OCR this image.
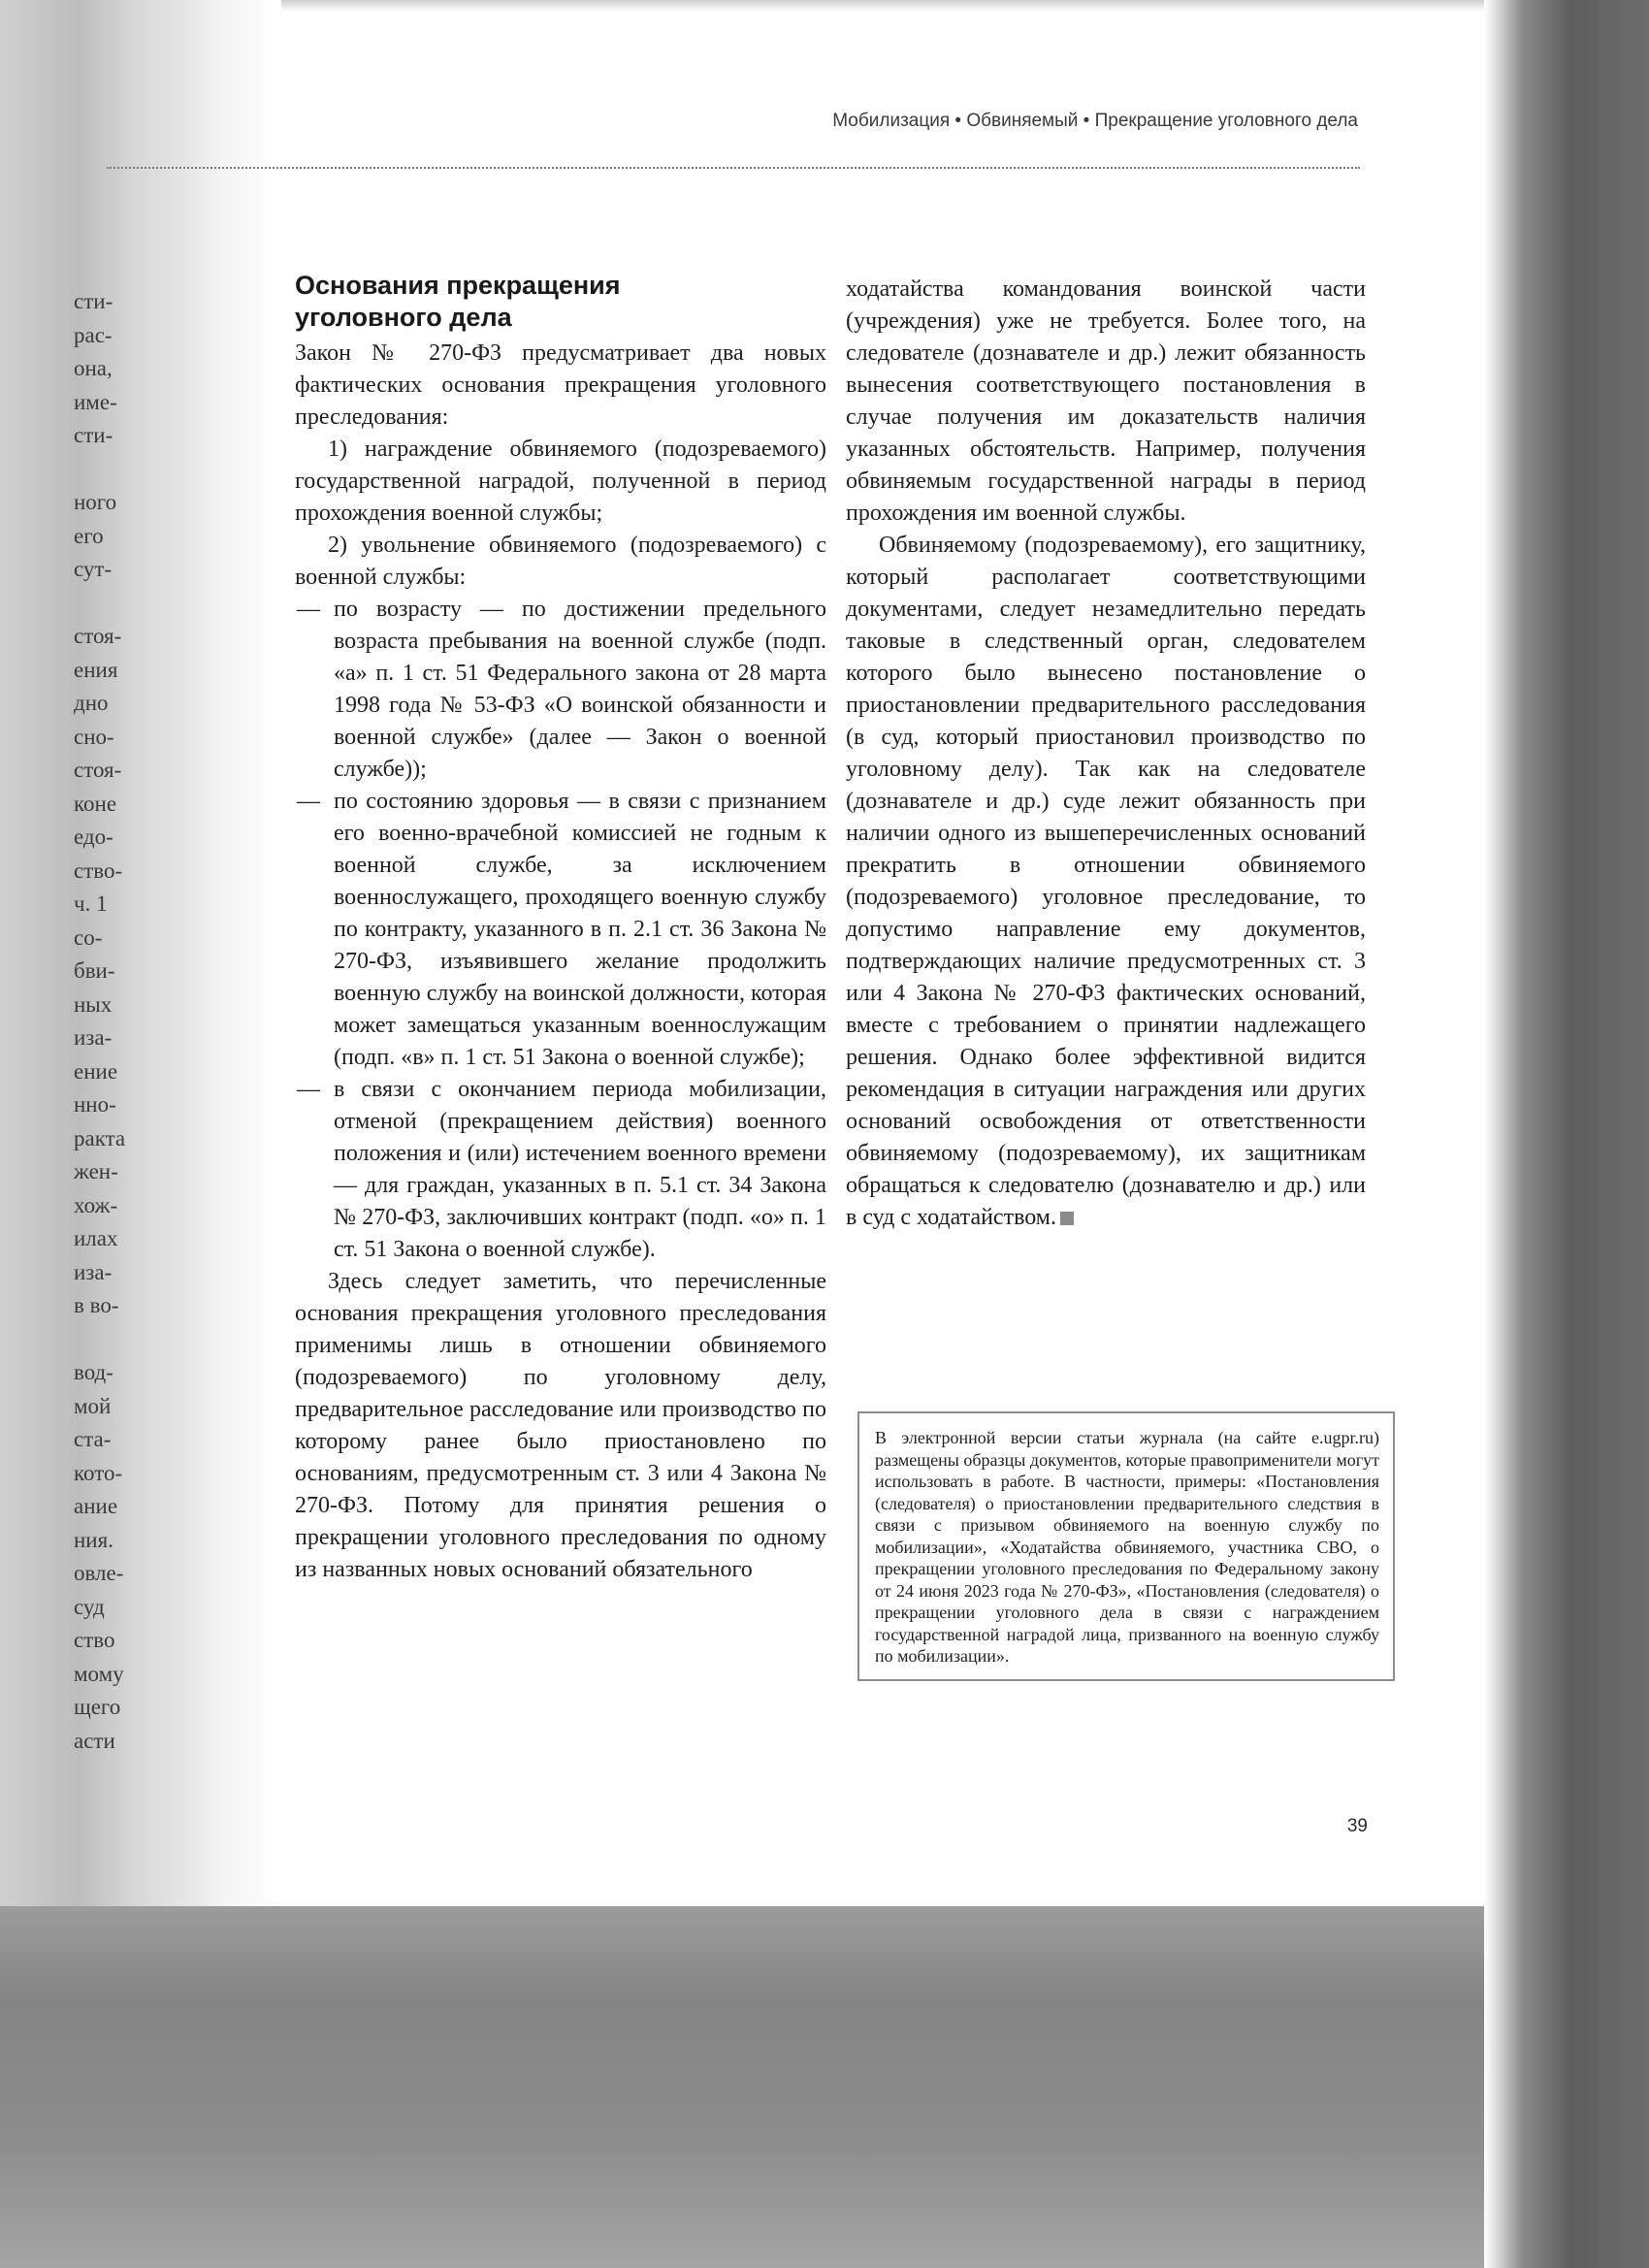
сти-
рас-
она,
име-
сти-
ного
его
сут-
стоя-
ения
дно
сно-
стоя-
коне
едо-
ство-
ч. 1
со-
бви-
ных
иза-
ение
нно-
ракта
жен-
хож-
илах
иза-
в во-
вод-
мой
ста-
кото-
ание
ния.
овле-
суд
ство
мому
щего
асти
Мобилизация • Обвиняемый • Прекращение уголовного дела
Основания прекращения
уголовного дела

Закон № 270-ФЗ предусматривает два новых фактических основания прекращения уголовного преследования:

1) награждение обвиняемого (подозреваемого) государственной наградой, полученной в период прохождения военной службы;

2) увольнение обвиняемого (подозреваемого) с военной службы:

— по возрасту — по достижении предельного возраста пребывания на военной службе (подп. «а» п. 1 ст. 51 Федерального закона от 28 марта 1998 года № 53-ФЗ «О воинской обязанности и военной службе» (далее — Закон о военной службе));

— по состоянию здоровья — в связи с признанием его военно-врачебной комиссией не годным к военной службе, за исключением военнослужащего, проходящего военную службу по контракту, указанного в п. 2.1 ст. 36 Закона № 270-ФЗ, изъявившего желание продолжить военную службу на воинской должности, которая может замещаться указанным военнослужащим (подп. «в» п. 1 ст. 51 Закона о военной службе);

— в связи с окончанием периода мобилизации, отменой (прекращением действия) военного положения и (или) истечением военного времени — для граждан, указанных в п. 5.1 ст. 34 Закона № 270-ФЗ, заключивших контракт (подп. «о» п. 1 ст. 51 Закона о военной службе).

Здесь следует заметить, что перечисленные основания прекращения уголовного преследования применимы лишь в отношении обвиняемого (подозреваемого) по уголовному делу, предварительное расследование или производство по которому ранее было приостановлено по основаниям, предусмотренным ст. 3 или 4 Закона № 270-ФЗ. Потому для принятия решения о прекращении уголовного преследования по одному из названных новых оснований обязательного

ходатайства командования воинской части (учреждения) уже не требуется. Более того, на следователе (дознавателе и др.) лежит обязанность вынесения соответствующего постановления в случае получения им доказательств наличия указанных обстоятельств. Например, получения обвиняемым государственной награды в период прохождения им военной службы.

Обвиняемому (подозреваемому), его защитнику, который располагает соответствующими документами, следует незамедлительно передать таковые в следственный орган, следователем которого было вынесено постановление о приостановлении предварительного расследования (в суд, который приостановил производство по уголовному делу). Так как на следователе (дознавателе и др.) суде лежит обязанность при наличии одного из вышеперечисленных оснований прекратить в отношении обвиняемого (подозреваемого) уголовное преследование, то допустимо направление ему документов, подтверждающих наличие предусмотренных ст. 3 или 4 Закона № 270-ФЗ фактических оснований, вместе с требованием о принятии надлежащего решения. Однако более эффективной видится рекомендация в ситуации награждения или других оснований освобождения от ответственности обвиняемому (подозреваемому), их защитникам обращаться к следователю (дознавателю и др.) или в суд с ходатайством.

В электронной версии статьи журнала (на сайте e.ugpr.ru) размещены образцы документов, которые правоприменители могут использовать в работе. В частности, примеры: «Постановления (следователя) о приостановлении предварительного следствия в связи с призывом обвиняемого на военную службу по мобилизации», «Ходатайства обвиняемого, участника СВО, о прекращении уголовного преследования по Федеральному закону от 24 июня 2023 года № 270-ФЗ», «Постановления (следователя) о прекращении уголовного дела в связи с награждением государственной наградой лица, призванного на военную службу по мобилизации».

39
